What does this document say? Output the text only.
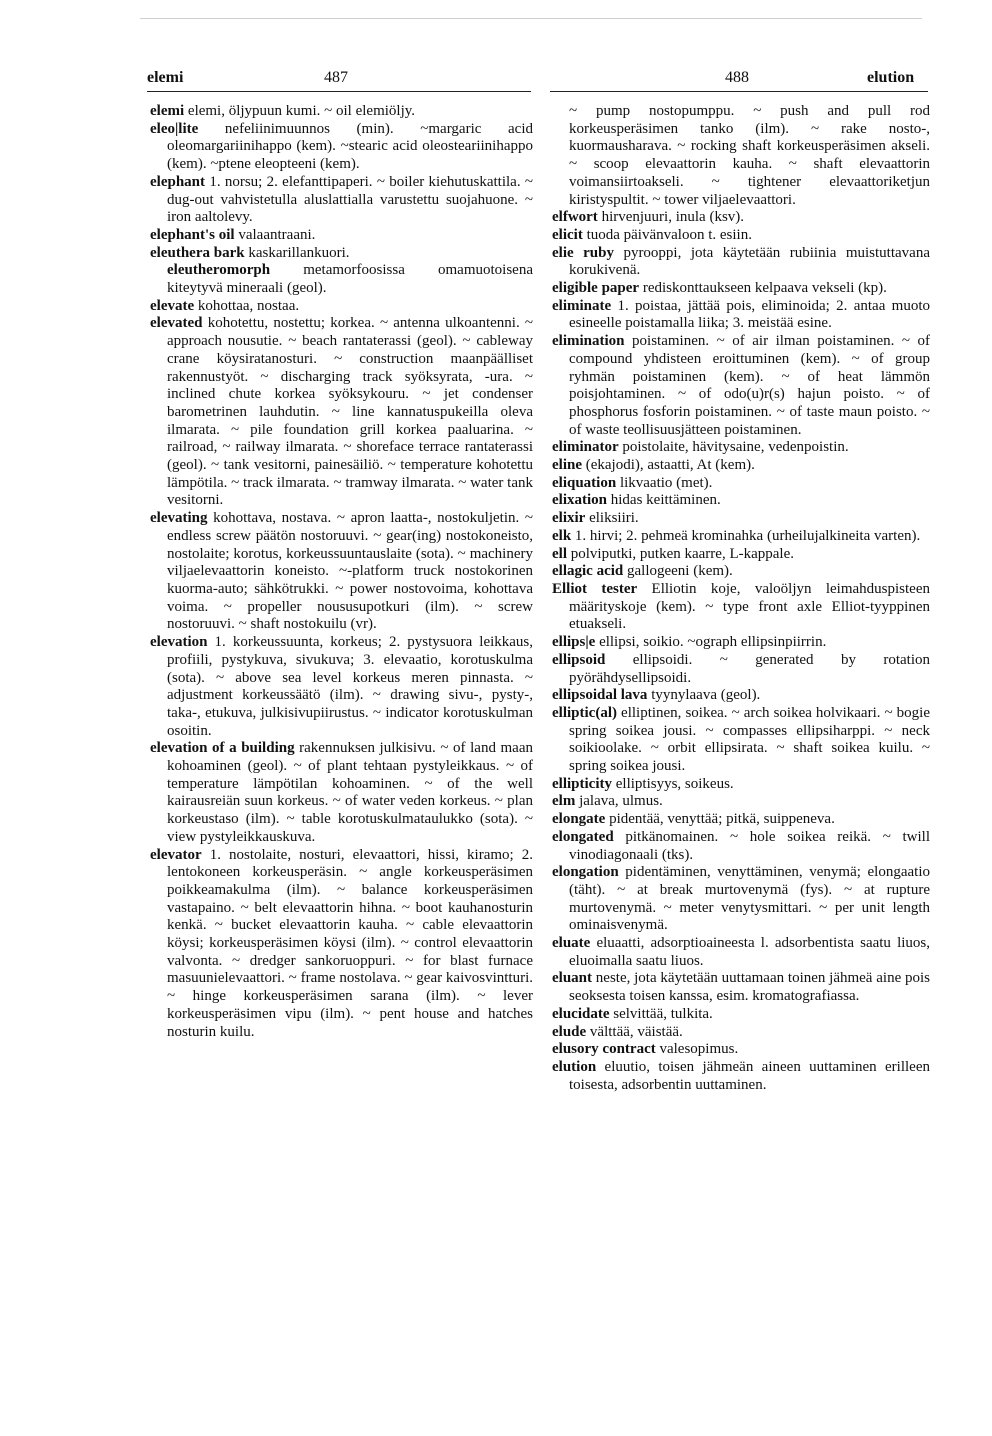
elemi	487	488	elution

elemi elemi, öljypuun kumi. ~ oil elemiöljy.

eleo|lite nefeliinimuunnos (min). ~margaric acid oleomargariinihappo (kem). ~stearic acid oleosteariinihappo (kem). ~ptene eleopteeni (kem).

elephant 1. norsu; 2. elefanttipaperi. ~ boiler kiehutuskattila. ~ dug-out vahvistetulla aluslattialla varustettu suojahuone. ~ iron aaltolevy.

elephant's oil valaantraani.

eleuthera bark kaskarillankuori.

eleutheromorph metamorfoosissa omamuotoisena kiteytyvä mineraali (geol).

elevate kohottaa, nostaa.

elevated kohotettu, nostettu; korkea. ~ antenna ulkoantenni. ~ approach nousutie. ~ beach rantaterassi (geol). ~ cableway crane köysiratanosturi. ~ construction maanpäälliset rakennustyöt. ~ discharging track syöksyrata, -ura. ~ inclined chute korkea syöksykouru. ~ jet condenser barometrinen lauhdutin. ~ line kannatuspukeilla oleva ilmarata. ~ pile foundation grill korkea paaluarina. ~ railroad, ~ railway ilmarata. ~ shoreface terrace rantaterassi (geol). ~ tank vesitorni, painesäiliö. ~ temperature kohotettu lämpötila. ~ track ilmarata. ~ tramway ilmarata. ~ water tank vesitorni.

elevating kohottava, nostava. ~ apron laatta-, nostokuljetin. ~ endless screw päätön nostoruuvi. ~ gear(ing) nostokoneisto, nostolaite; korotus, korkeussuuntauslaite (sota). ~ machinery viljaelevaattorin koneisto. ~-platform truck nostokorinen kuorma-auto; sähkötrukki. ~ power nostovoima, kohottava voima. ~ propeller noususupotkuri (ilm). ~ screw nostoruuvi. ~ shaft nostokuilu (vr).

elevation 1. korkeussuunta, korkeus; 2. pystysuora leikkaus, profiili, pystykuva, sivukuva; 3. elevaatio, korotuskulma (sota). ~ above sea level korkeus meren pinnasta. ~ adjustment korkeussäätö (ilm). ~ drawing sivu-, pysty-, taka-, etukuva, julkisivupiirustus. ~ indicator korotuskulman osoitin.

elevation of a building rakennuksen julkisivu. ~ of land maan kohoaminen (geol). ~ of plant tehtaan pystyleikkaus. ~ of temperature lämpötilan kohoaminen. ~ of the well kairausreiän suun korkeus. ~ of water veden korkeus. ~ plan korkeustaso (ilm). ~ table korotuskulmataulukko (sota). ~ view pystyleikkauskuva.

elevator 1. nostolaite, nosturi, elevaattori, hissi, kiramo; 2. lentokoneen korkeusperäsin. ~ angle korkeusperäsimen poikkeamakulma (ilm). ~ balance korkeusperäsimen vastapaino. ~ belt elevaattorin hihna. ~ boot kauhanosturin kenkä. ~ bucket elevaattorin kauha. ~ cable elevaattorin köysi; korkeusperäsimen köysi (ilm). ~ control elevaattorin valvonta. ~ dredger sankoruoppuri. ~ for blast furnace masuunielevaattori. ~ frame nostolava. ~ gear kaivosvintturi. ~ hinge korkeusperäsimen sarana (ilm). ~ lever korkeusperäsimen vipu (ilm). ~ pent house and hatches nosturin kuilu.

~ pump nostopumppu. ~ push and pull rod korkeusperäsimen tanko (ilm). ~ rake nosto-, kuormausharava. ~ rocking shaft korkeusperäsimen akseli. ~ scoop elevaattorin kauha. ~ shaft elevaattorin voimansiirtoakseli. ~ tightener elevaattoriketjun kiristyspultit. ~ tower viljaelevaattori.

elfwort hirvenjuuri, inula (ksv).

elicit tuoda päivänvaloon t. esiin.

elie ruby pyrooppi, jota käytetään rubiinia muistuttavana korukivenä.

eligible paper rediskonttaukseen kelpaava vekseli (kp).

eliminate 1. poistaa, jättää pois, eliminoida; 2. antaa muoto esineelle poistamalla liika; 3. meistää esine.

elimination poistaminen. ~ of air ilman poistaminen. ~ of compound yhdisteen eroittuminen (kem). ~ of group ryhmän poistaminen (kem). ~ of heat lämmön poisjohtaminen. ~ of odo(u)r(s) hajun poisto. ~ of phosphorus fosforin poistaminen. ~ of taste maun poisto. ~ of waste teollisuusjätteen poistaminen.

eliminator poistolaite, hävitysaine, vedenpoistin.

eline (ekajodi), astaatti, At (kem).

eliquation likvaatio (met).

elixation hidas keittäminen.

elixir eliksiiri.

elk 1. hirvi; 2. pehmeä krominahka (urheilujalkineita varten).

ell polviputki, putken kaarre, L-kappale.

ellagic acid gallogeeni (kem).

Elliot tester Elliotin koje, valoöljyn leimahduspisteen määrityskoje (kem). ~ type front axle Elliot-tyyppinen etuakseli.

ellips|e ellipsi, soikio. ~ograph ellipsinpiirrin.

ellipsoid ellipsoidi. ~ generated by rotation pyörähdysellipsoidi.

ellipsoidal lava tyynylaava (geol).

elliptic(al) elliptinen, soikea. ~ arch soikea holvikaari. ~ bogie spring soikea jousi. ~ compasses ellipsiharppi. ~ neck soikioolake. ~ orbit ellipsirata. ~ shaft soikea kuilu. ~ spring soikea jousi.

ellipticity elliptisyys, soikeus.

elm jalava, ulmus.

elongate pidentää, venyttää; pitkä, suippeneva.

elongated pitkänomainen. ~ hole soikea reikä. ~ twill vinodiagonaali (tks).

elongation pidentäminen, venyttäminen, venymä; elongaatio (täht). ~ at break murtovenymä (fys). ~ at rupture murtovenymä. ~ meter venytysmittari. ~ per unit length ominaisvenymä.

eluate eluaatti, adsorptioaineesta l. adsorbentista saatu liuos, eluoimalla saatu liuos.

eluant neste, jota käytetään uuttamaan toinen jähmeä aine pois seoksesta toisen kanssa, esim. kromatografiassa.

elucidate selvittää, tulkita.

elude välttää, väistää.

elusory contract valesopimus.

elution eluutio, toisen jähmeän aineen uuttaminen erilleen toisesta, adsorbentin uuttaminen.
